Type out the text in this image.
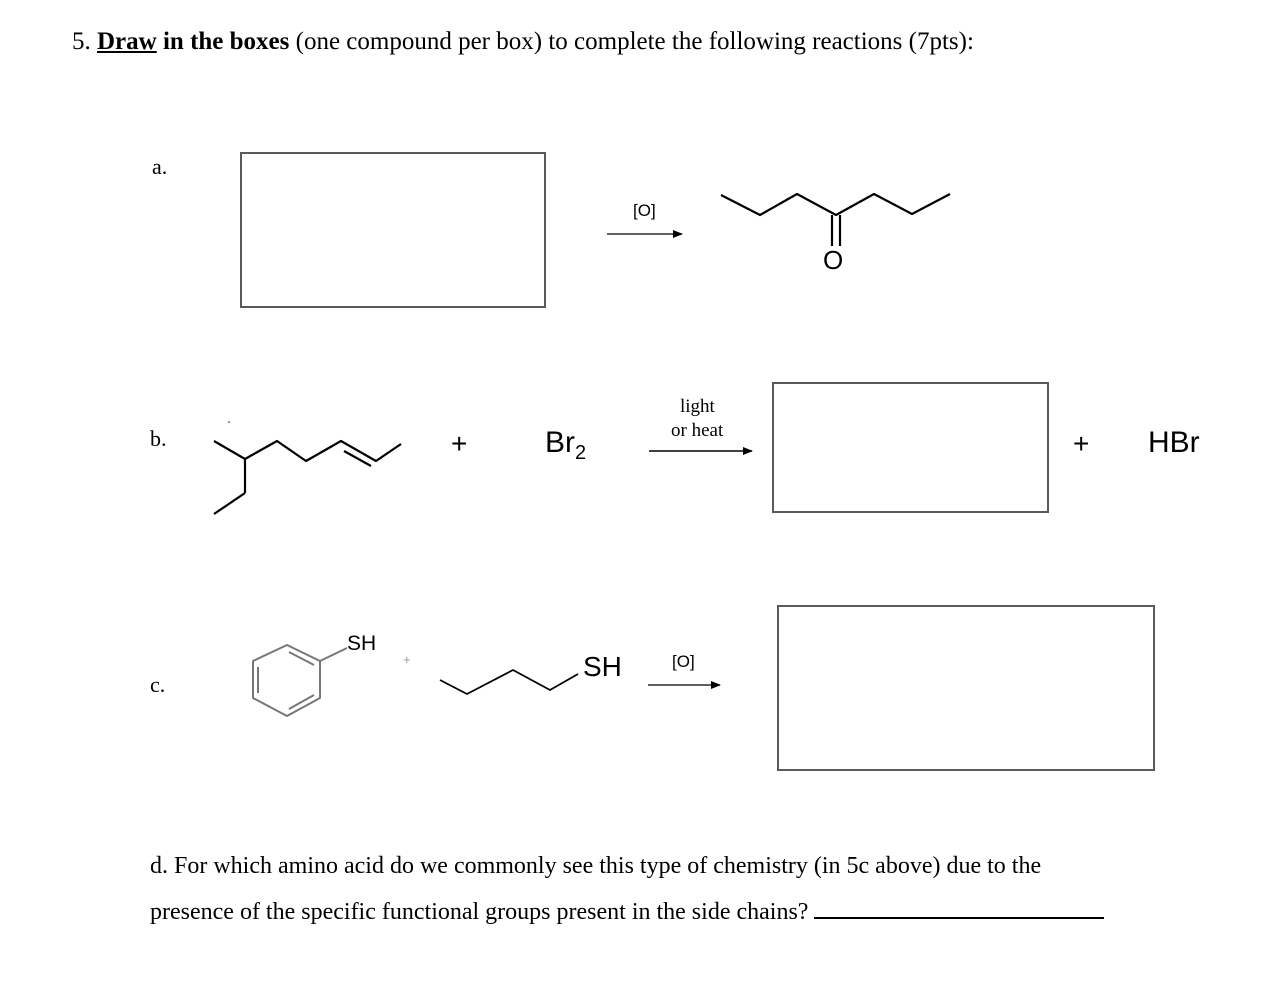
5. Draw in the boxes (one compound per box) to complete the following reactions (7pts):
a.
[O]
O
b.	+	$Br_2$
light
or heat	+ HBr
c.
SH
+	SH	[O]
d. For which amino acid do we commonly see this type of chemistry (in 5c above) due to the
presence of the specific functional groups present in the side chains?
